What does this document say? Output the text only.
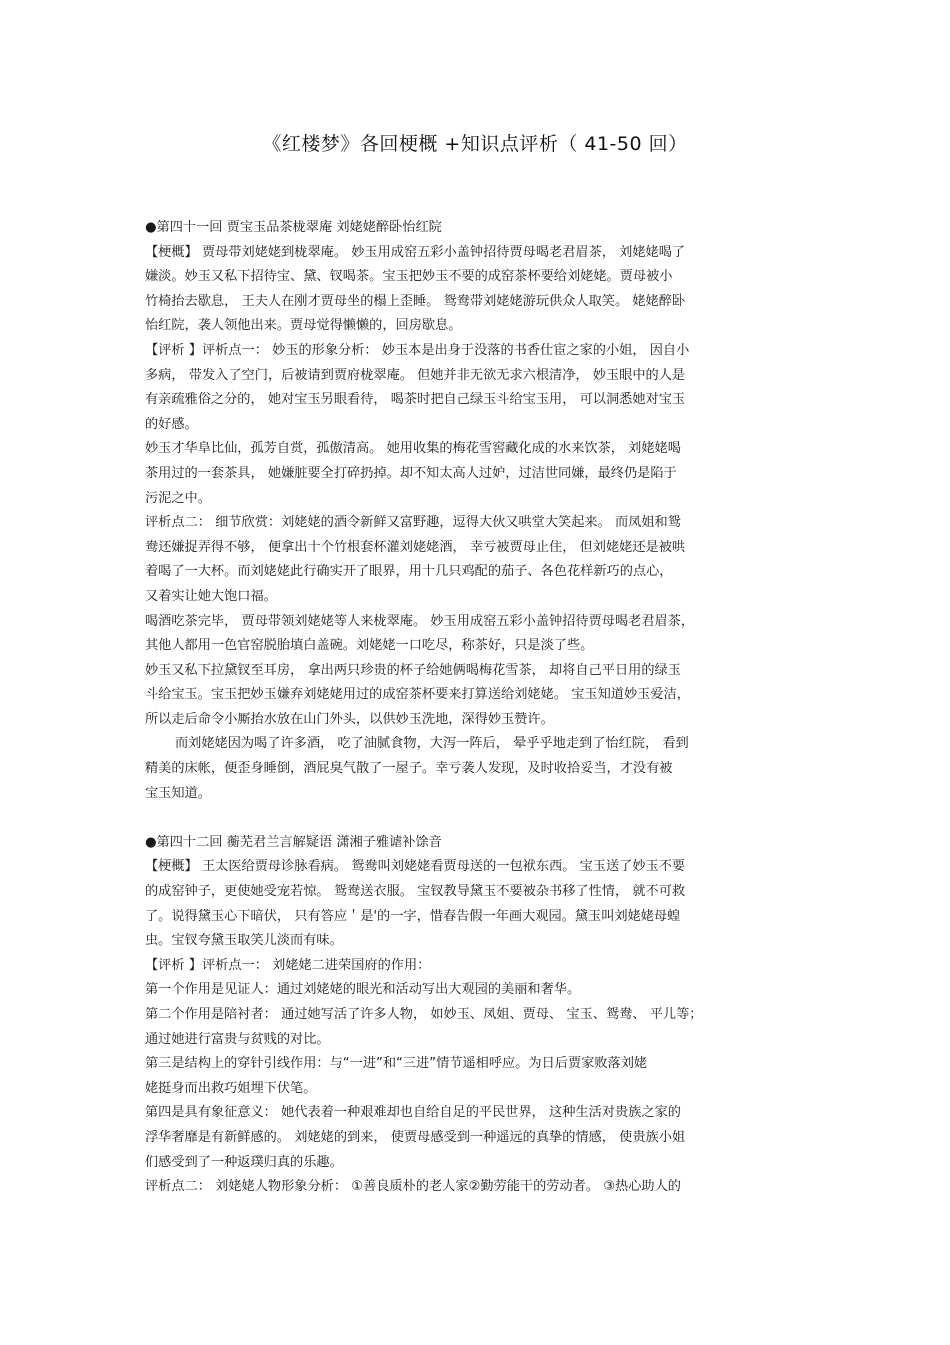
《红楼梦》各回梗概 +知识点评析（ 41-50 回）
●第四十一回 贾宝玉品茶栊翠庵 刘姥姥醉卧怡红院
【梗概】 贾母带刘姥姥到栊翠庵。 妙玉用成窑五彩小盖钟招待贾母喝老君眉茶， 刘姥姥喝了
嫌淡。妙玉又私下招待宝、黛、钗喝茶。宝玉把妙玉不要的成窑茶杯要给刘姥姥。贾母被小
竹椅抬去歇息， 王夫人在刚才贾母坐的榻上歪睡。 鸳鸯带刘姥姥游玩供众人取笑。 姥姥醉卧
怡红院，袭人领他出来。贾母觉得懒懒的，回房歇息。
【评析 】评析点一： 妙玉的形象分析： 妙玉本是出身于没落的书香仕宦之家的小姐， 因自小
多病， 带发入了空门，后被请到贾府栊翠庵。 但她并非无欲无求六根清净， 妙玉眼中的人是
有亲疏雅俗之分的， 她对宝玉另眼看待， 喝茶时把自己绿玉斗给宝玉用， 可以洞悉她对宝玉
的好感。
妙玉才华阜比仙，孤芳自赏，孤傲清高。 她用收集的梅花雪窖藏化成的水来饮茶， 刘姥姥喝
茶用过的一套茶具， 她嫌脏要全打碎扔掉。却不知太高人过妒，过洁世同嫌，最终仍是陷于
污泥之中。
评析点二： 细节欣赏：刘姥姥的酒令新鲜又富野趣，逗得大伙又哄堂大笑起来。 而凤姐和鸳
鸯还嫌捉弄得不够， 便拿出十个竹根套杯灌刘姥姥酒， 幸亏被贾母止住， 但刘姥姥还是被哄
着喝了一大杯。而刘姥姥此行确实开了眼界，用十几只鸡配的茄子、各色花样新巧的点心，
又着实让她大饱口福。
喝酒吃茶完毕， 贾母带领刘姥姥等人来栊翠庵。 妙玉用成窑五彩小盖钟招待贾母喝老君眉茶，
其他人都用一色官窑脱胎填白盖碗。刘姥姥一口吃尽，称茶好，只是淡了些。
妙玉又私下拉黛钗至耳房， 拿出两只珍贵的杯子给她俩喝梅花雪茶， 却将自己平日用的绿玉
斗给宝玉。宝玉把妙玉嫌弃刘姥姥用过的成窑茶杯要来打算送给刘姥姥。 宝玉知道妙玉爱洁，
所以走后命令小厮抬水放在山门外头，以供妙玉洗地，深得妙玉赞许。
而刘姥姥因为喝了许多酒， 吃了油腻食物，大泻一阵后， 晕乎乎地走到了怡红院， 看到
精美的床帐，便歪身睡倒，酒屁臭气散了一屋子。幸亏袭人发现，及时收拾妥当，才没有被
宝玉知道。
●第四十二回 蘅芜君兰言解疑语 潇湘子雅谑补馀音
【梗概】 王太医给贾母诊脉看病。 鸳鸯叫刘姥姥看贾母送的一包袱东西。 宝玉送了妙玉不要
的成窑钟子，更使她受宠若惊。 鸳鸯送衣服。 宝钗教导黛玉不要被杂书移了性情， 就不可救
了。说得黛玉心下暗伏， 只有答应＇是'的一字，惜春告假一年画大观园。黛玉叫刘姥姥母蝗
虫。宝钗夸黛玉取笑儿淡而有味。
【评析 】评析点一： 刘姥姥二进荣国府的作用：
第一个作用是见证人：通过刘姥姥的眼光和活动写出大观园的美丽和奢华。
第二个作用是陪衬者： 通过她写活了许多人物， 如妙玉、凤姐、贾母、 宝玉、鸳鸯、 平儿等；
通过她进行富贵与贫贱的对比。
第三是结构上的穿针引线作用：与“一进”和“三进”情节遥相呼应。为日后贾家败落刘姥
姥挺身而出救巧姐埋下伏笔。
第四是具有象征意义： 她代表着一种艰难却也自给自足的平民世界， 这种生活对贵族之家的
浮华奢靡是有新鲜感的。 刘姥姥的到来， 使贾母感受到一种遥远的真挚的情感， 使贵族小姐
们感受到了一种返璞归真的乐趣。
评析点二： 刘姥姥人物形象分析： ①善良质朴的老人家②勤劳能干的劳动者。 ③热心助人的
